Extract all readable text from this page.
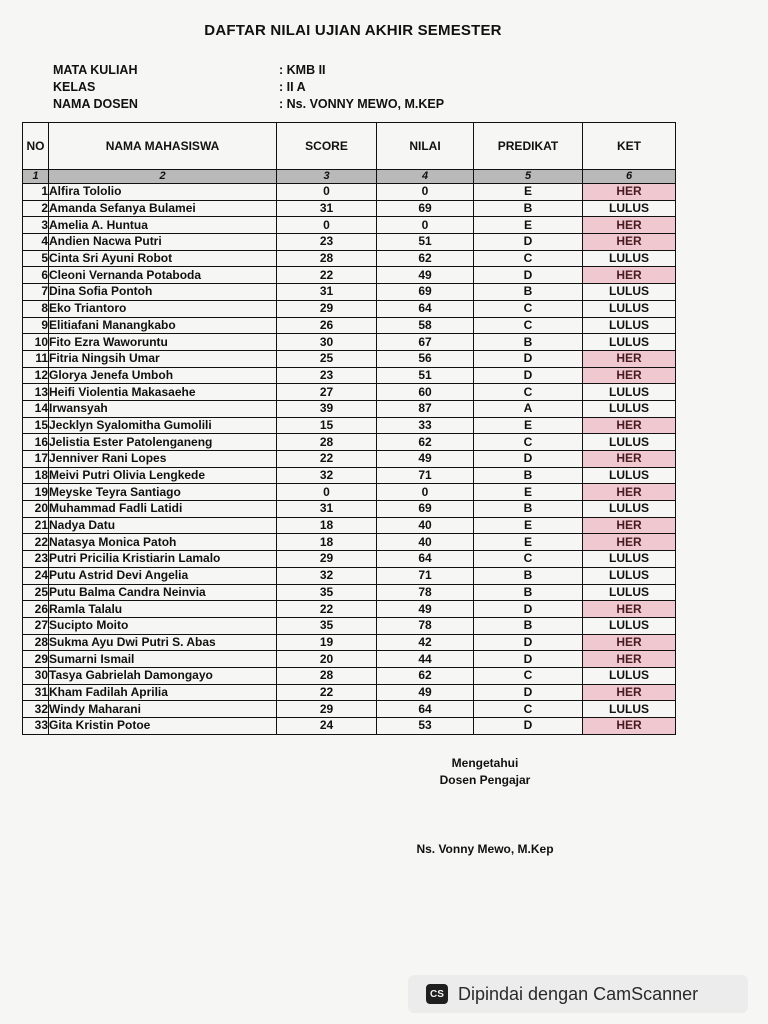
DAFTAR NILAI UJIAN AKHIR SEMESTER
MATA KULIAH	: KMB II
KELAS	: II A
NAMA DOSEN	: Ns. VONNY MEWO, M.KEP
NO	NAMA MAHASISWA	SCORE	NILAI	PREDIKAT	KET
1	2	3	4	5	6
1	Alfira Tololio	0	0	E	HER
2	Amanda Sefanya Bulamei	31	69	B	LULUS
3	Amelia A. Huntua	0	0	E	HER
4	Andien Nacwa Putri	23	51	D	HER
5	Cinta Sri Ayuni Robot	28	62	C	LULUS
6	Cleoni Vernanda Potaboda	22	49	D	HER
7	Dina Sofia Pontoh	31	69	B	LULUS
8	Eko Triantoro	29	64	C	LULUS
9	Elitiafani Manangkabo	26	58	C	LULUS
10	Fito Ezra Waworuntu	30	67	B	LULUS
11	Fitria Ningsih Umar	25	56	D	HER
12	Glorya Jenefa Umboh	23	51	D	HER
13	Heifi Violentia Makasaehe	27	60	C	LULUS
14	Irwansyah	39	87	A	LULUS
15	Jecklyn Syalomitha Gumolili	15	33	E	HER
16	Jelistia Ester Patolenganeng	28	62	C	LULUS
17	Jenniver Rani Lopes	22	49	D	HER
18	Meivi Putri Olivia Lengkede	32	71	B	LULUS
19	Meyske Teyra Santiago	0	0	E	HER
20	Muhammad Fadli Latidi	31	69	B	LULUS
21	Nadya Datu	18	40	E	HER
22	Natasya Monica Patoh	18	40	E	HER
23	Putri Pricilia Kristiarin Lamalo	29	64	C	LULUS
24	Putu Astrid Devi Angelia	32	71	B	LULUS
25	Putu Balma Candra Neinvia	35	78	B	LULUS
26	Ramla Talalu	22	49	D	HER
27	Sucipto Moito	35	78	B	LULUS
28	Sukma Ayu Dwi Putri S. Abas	19	42	D	HER
29	Sumarni Ismail	20	44	D	HER
30	Tasya Gabrielah Damongayo	28	62	C	LULUS
31	Kham Fadilah Aprilia	22	49	D	HER
32	Windy Maharani	29	64	C	LULUS
33	Gita Kristin Potoe	24	53	D	HER
Mengetahui
Dosen Pengajar
Ns. Vonny Mewo, M.Kep
CS Dipindai dengan CamScanner
